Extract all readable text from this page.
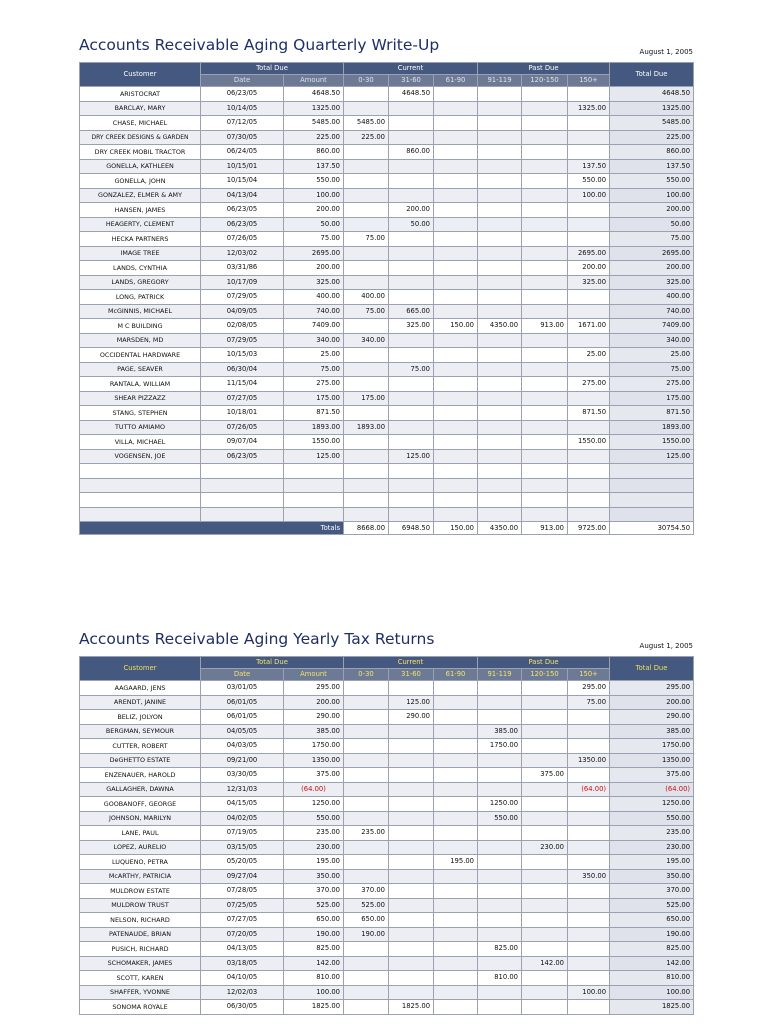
Accounts Receivable Aging Quarterly Write-Up	August 1, 2005
Customer	Total Due		Current			Past Due			Total Due
	Date	Amount	0-30	31-60	61-90	91-119	120-150	150+	
ARISTOCRAT	06/23/05	4648.50		4648.50					4648.50
BARCLAY, MARY	10/14/05	1325.00						1325.00	1325.00
CHASE, MICHAEL	07/12/05	5485.00	5485.00						5485.00
DRY CREEK DESIGNS & GARDEN	07/30/05	225.00	225.00						225.00
DRY CREEK MOBIL TRACTOR	06/24/05	860.00		860.00					860.00
GONELLA, KATHLEEN	10/15/01	137.50						137.50	137.50
GONELLA, JOHN	10/15/04	550.00						550.00	550.00
GONZALEZ, ELMER & AMY	04/13/04	100.00						100.00	100.00
HANSEN, JAMES	06/23/05	200.00		200.00					200.00
HEAGERTY, CLEMENT	06/23/05	50.00		50.00					50.00
HECKA PARTNERS	07/26/05	75.00	75.00						75.00
IMAGE TREE	12/03/02	2695.00						2695.00	2695.00
LANDS, CYNTHIA	03/31/86	200.00						200.00	200.00
LANDS, GREGORY	10/17/09	325.00						325.00	325.00
LONG, PATRICK	07/29/05	400.00	400.00						400.00
McGINNIS, MICHAEL	04/09/05	740.00	75.00	665.00					740.00
M C BUILDING	02/08/05	7409.00		325.00	150.00	4350.00	913.00	1671.00	7409.00
MARSDEN, MD	07/29/05	340.00	340.00						340.00
OCCIDENTAL HARDWARE	10/15/03	25.00						25.00	25.00
PAGE, SEAVER	06/30/04	75.00		75.00					75.00
RANTALA, WILLIAM	11/15/04	275.00						275.00	275.00
SHEAR PIZZAZZ	07/27/05	175.00	175.00						175.00
STANG, STEPHEN	10/18/01	871.50						871.50	871.50
TUTTO AMIAMO	07/26/05	1893.00	1893.00						1893.00
VILLA, MICHAEL	09/07/04	1550.00						1550.00	1550.00
VOGENSEN, JOE	06/23/05	125.00		125.00					125.00

Totals			8668.00	6948.50	150.00	4350.00	913.00	9725.00	30754.50
Accounts Receivable Aging Yearly Tax Returns	August 1, 2005
Customer	Total Due		Current			Past Due			Total Due
	Date	Amount	0-30	31-60	61-90	91-119	120-150	150+	
AAGAARD, JENS	03/01/05	295.00						295.00	295.00
ARENDT, JANINE	06/01/05	200.00		125.00				75.00	200.00
BELIZ, JOLYON	06/01/05	290.00		290.00					290.00
BERGMAN, SEYMOUR	04/05/05	385.00				385.00			385.00
CUTTER, ROBERT	04/03/05	1750.00				1750.00			1750.00
DeGHETTO ESTATE	09/21/00	1350.00						1350.00	1350.00
ENZENAUER, HAROLD	03/30/05	375.00					375.00		375.00
GALLAGHER, DAWNA	12/31/03	(64.00)						(64.00)	(64.00)
GOOBANOFF, GEORGE	04/15/05	1250.00				1250.00			1250.00
JOHNSON, MARILYN	04/02/05	550.00				550.00			550.00
LANE, PAUL	07/19/05	235.00	235.00						235.00
LOPEZ, AURELIO	03/15/05	230.00					230.00		230.00
LUQUENO, PETRA	05/20/05	195.00			195.00				195.00
McARTHY, PATRICIA	09/27/04	350.00						350.00	350.00
MULDROW ESTATE	07/28/05	370.00	370.00						370.00
MULDROW TRUST	07/25/05	525.00	525.00						525.00
NELSON, RICHARD	07/27/05	650.00	650.00						650.00
PATENAUDE, BRIAN	07/20/05	190.00	190.00						190.00
PUSICH, RICHARD	04/13/05	825.00				825.00			825.00
SCHOMAKER, JAMES	03/18/05	142.00					142.00		142.00
SCOTT, KAREN	04/10/05	810.00				810.00			810.00
SHAFFER, YVONNE	12/02/03	100.00						100.00	100.00
SONOMA ROYALE	06/30/05	1825.00		1825.00					1825.00
